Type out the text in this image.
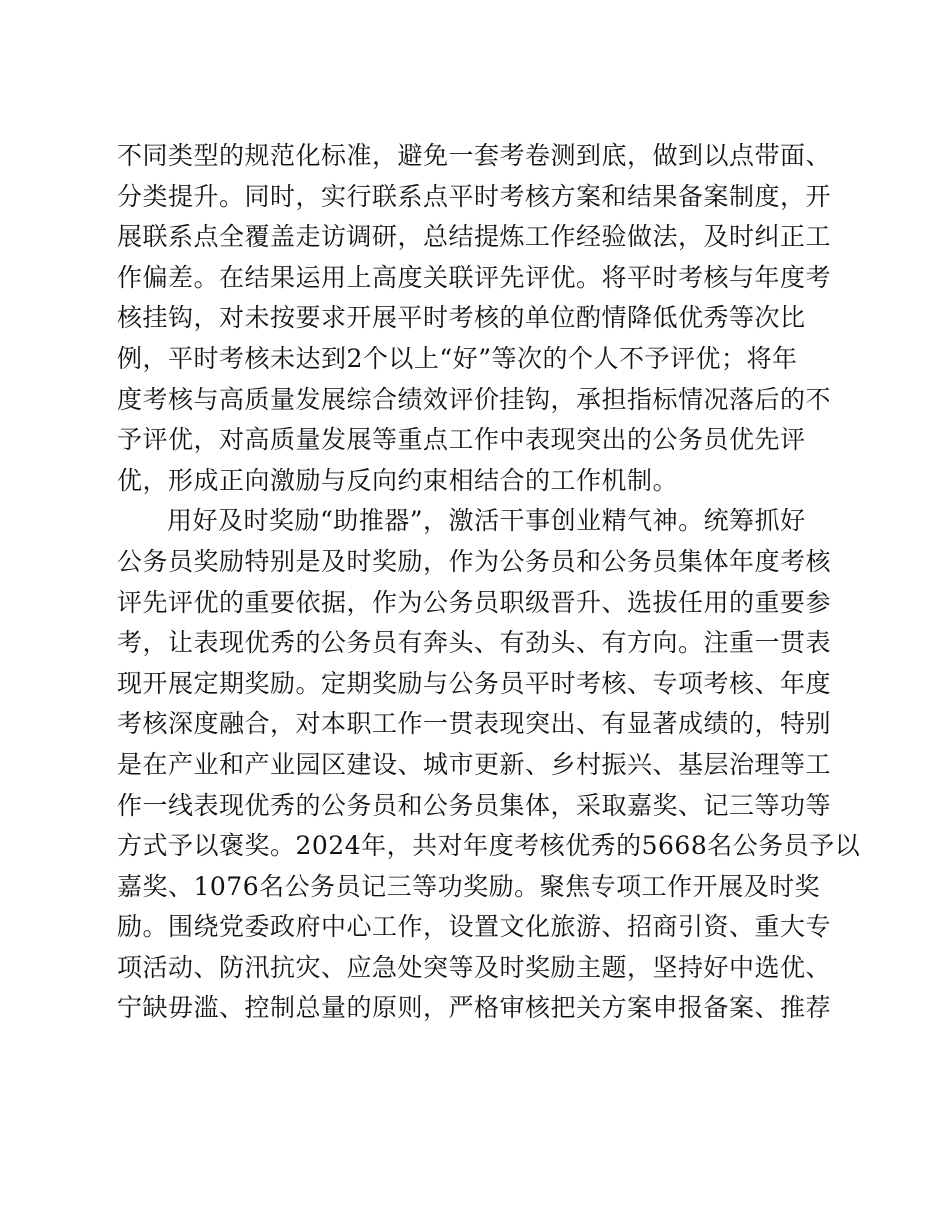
不同类型的规范化标准，避免一套考卷测到底，做到以点带面、
分类提升。同时，实行联系点平时考核方案和结果备案制度，开
展联系点全覆盖走访调研，总结提炼工作经验做法，及时纠正工
作偏差。在结果运用上高度关联评先评优。将平时考核与年度考
核挂钩，对未按要求开展平时考核的单位酌情降低优秀等次比
例，平时考核未达到2个以上“好”等次的个人不予评优；将年
度考核与高质量发展综合绩效评价挂钩，承担指标情况落后的不
予评优，对高质量发展等重点工作中表现突出的公务员优先评
优，形成正向激励与反向约束相结合的工作机制。
用好及时奖励“助推器”，激活干事创业精气神。统筹抓好
公务员奖励特别是及时奖励，作为公务员和公务员集体年度考核
评先评优的重要依据，作为公务员职级晋升、选拔任用的重要参
考，让表现优秀的公务员有奔头、有劲头、有方向。注重一贯表
现开展定期奖励。定期奖励与公务员平时考核、专项考核、年度
考核深度融合，对本职工作一贯表现突出、有显著成绩的，特别
是在产业和产业园区建设、城市更新、乡村振兴、基层治理等工
作一线表现优秀的公务员和公务员集体，采取嘉奖、记三等功等
方式予以褒奖。2024年，共对年度考核优秀的5668名公务员予以
嘉奖、1076名公务员记三等功奖励。聚焦专项工作开展及时奖
励。围绕党委政府中心工作，设置文化旅游、招商引资、重大专
项活动、防汛抗灾、应急处突等及时奖励主题，坚持好中选优、
宁缺毋滥、控制总量的原则，严格审核把关方案申报备案、推荐
